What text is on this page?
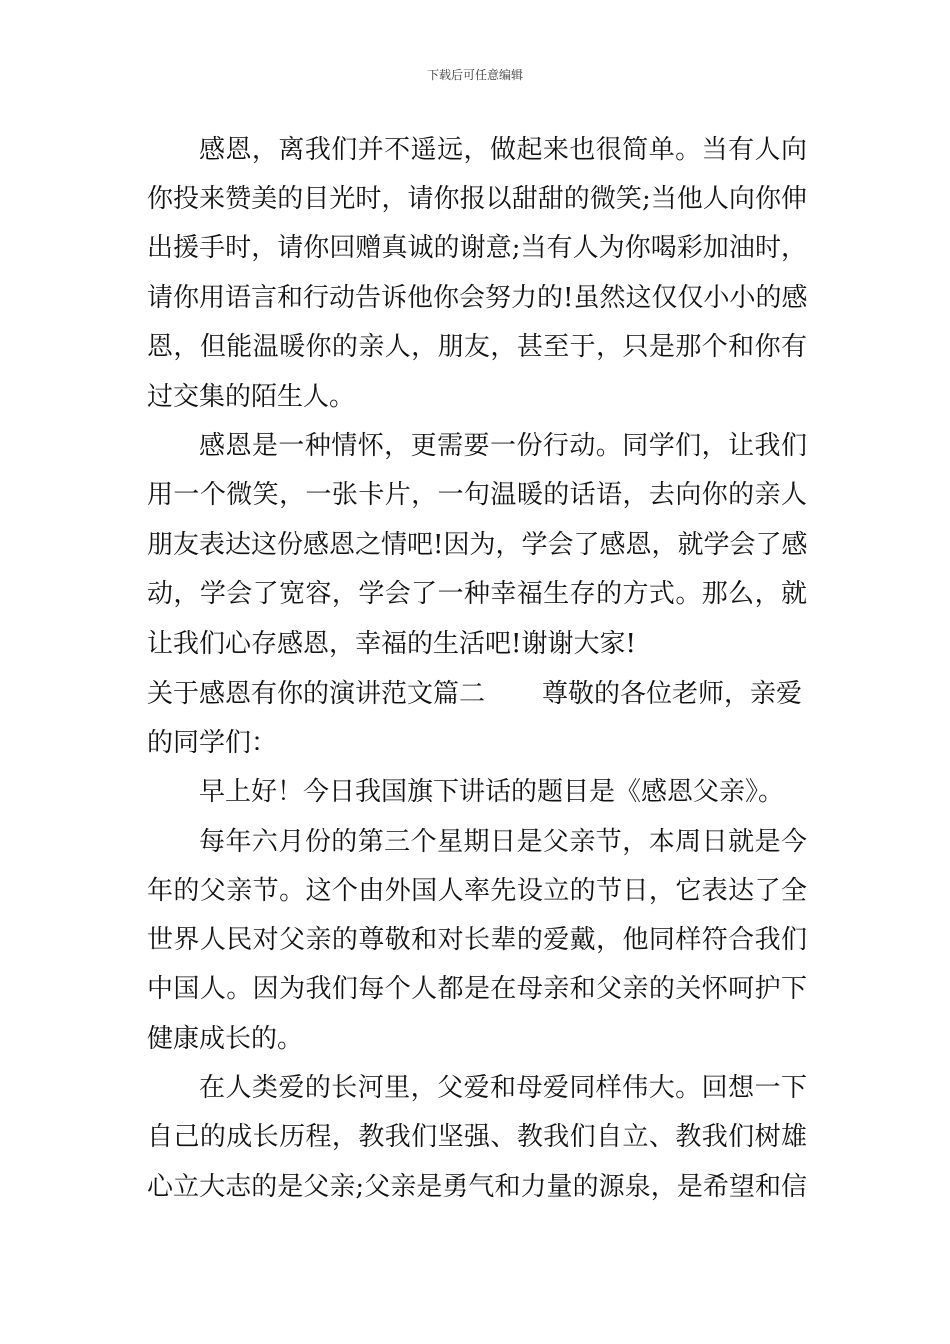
下载后可任意编辑
感恩，离我们并不遥远，做起来也很简单。当有人向
你投来赞美的目光时，请你报以甜甜的微笑;当他人向你伸
出援手时，请你回赠真诚的谢意;当有人为你喝彩加油时，
请你用语言和行动告诉他你会努力的!虽然这仅仅小小的感
恩，但能温暖你的亲人，朋友，甚至于，只是那个和你有
过交集的陌生人。
感恩是一种情怀，更需要一份行动。同学们，让我们
用一个微笑，一张卡片，一句温暖的话语，去向你的亲人
朋友表达这份感恩之情吧!因为，学会了感恩，就学会了感
动，学会了宽容，学会了一种幸福生存的方式。那么，就
让我们心存感恩，幸福的生活吧!谢谢大家!
关于感恩有你的演讲范文篇二 尊敬的各位老师，亲爱
的同学们：
早上好！今日我国旗下讲话的题目是《感恩父亲》。
每年六月份的第三个星期日是父亲节，本周日就是今
年的父亲节。这个由外国人率先设立的节日，它表达了全
世界人民对父亲的尊敬和对长辈的爱戴，他同样符合我们
中国人。因为我们每个人都是在母亲和父亲的关怀呵护下
健康成长的。
在人类爱的长河里，父爱和母爱同样伟大。回想一下
自己的成长历程，教我们坚强、教我们自立、教我们树雄
心立大志的是父亲;父亲是勇气和力量的源泉，是希望和信
